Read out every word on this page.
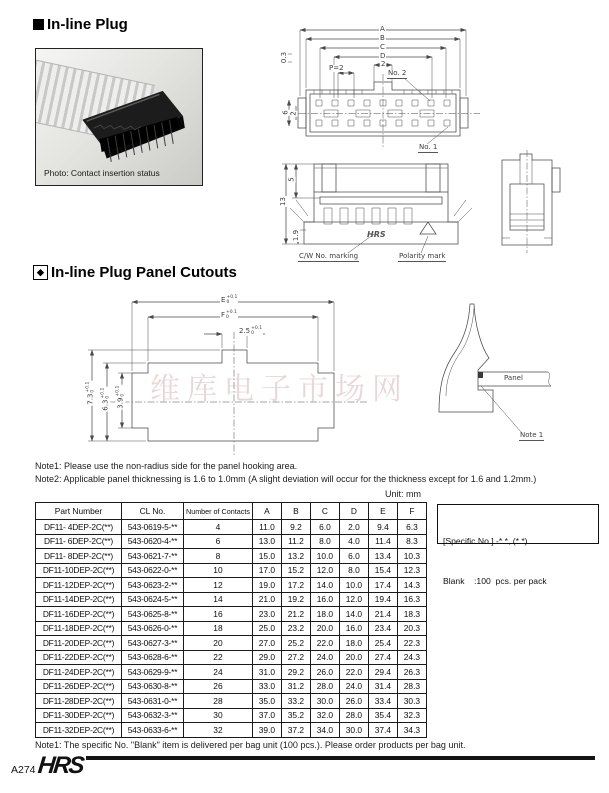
In-line Plug
Photo: Contact insertion status
A
B
C
D
2
P=2
0.3
6 2
No. 2
No. 1
13
5
1.9	HRS
C/W No. marking	Polarity mark
◆ In-line Plug Panel Cutouts
E +0.1
0
F +0.1
0
2.5 +0.1
0
7.3
+0.1 0
6.3
+0.1 0
3.9
+0.1 0
Panel
Note 1
维库电子市场网
Note1: Please use the non-radius side for the panel hooking area.
Note2: Applicable panel thicknessing is 1.6 to 1.0mm (A slight deviation will occur for the thickness except for 1.6 and 1.2mm.)
Unit: mm
Part Number	CL No.	Number of Contacts	A	B	C	D	E	F
DF11- 4DEP-2C(**)	543-0619-5-**	4	11.0	9.2	6.0	2.0	9.4	6.3
DF11- 6DEP-2C(**)	543-0620-4-**	6	13.0	11.2	8.0	4.0	11.4	8.3
DF11- 8DEP-2C(**)	543-0621-7-**	8	15.0	13.2	10.0	6.0	13.4	10.3
DF11-10DEP-2C(**)	543-0622-0-**	10	17.0	15.2	12.0	8.0	15.4	12.3
DF11-12DEP-2C(**)	543-0623-2-**	12	19.0	17.2	14.0	10.0	17.4	14.3
DF11-14DEP-2C(**)	543-0624-5-**	14	21.0	19.2	16.0	12.0	19.4	16.3
DF11-16DEP-2C(**)	543-0625-8-**	16	23.0	21.2	18.0	14.0	21.4	18.3
DF11-18DEP-2C(**)	543-0626-0-**	18	25.0	23.2	20.0	16.0	23.4	20.3
DF11-20DEP-2C(**)	543-0627-3-**	20	27.0	25.2	22.0	18.0	25.4	22.3
DF11-22DEP-2C(**)	543-0628-6-**	22	29.0	27.2	24.0	20.0	27.4	24.3
DF11-24DEP-2C(**)	543-0629-9-**	24	31.0	29.2	26.0	22.0	29.4	26.3
DF11-26DEP-2C(**)	543-0630-8-**	26	33.0	31.2	28.0	24.0	31.4	28.3
DF11-28DEP-2C(**)	543-0631-0-**	28	35.0	33.2	30.0	26.0	33.4	30.3
DF11-30DEP-2C(**)	543-0632-3-**	30	37.0	35.2	32.0	28.0	35.4	32.3
DF11-32DEP-2C(**)	543-0633-6-**	32	39.0	37.2	34.0	30.0	37.4	34.3

[Specific No.] -* *, (* *)

Blank    :100  pcs. per pack

Note1: The specific No. "Blank" item is delivered per bag unit (100 pcs.). Please order products per bag unit.
A274 HRS
